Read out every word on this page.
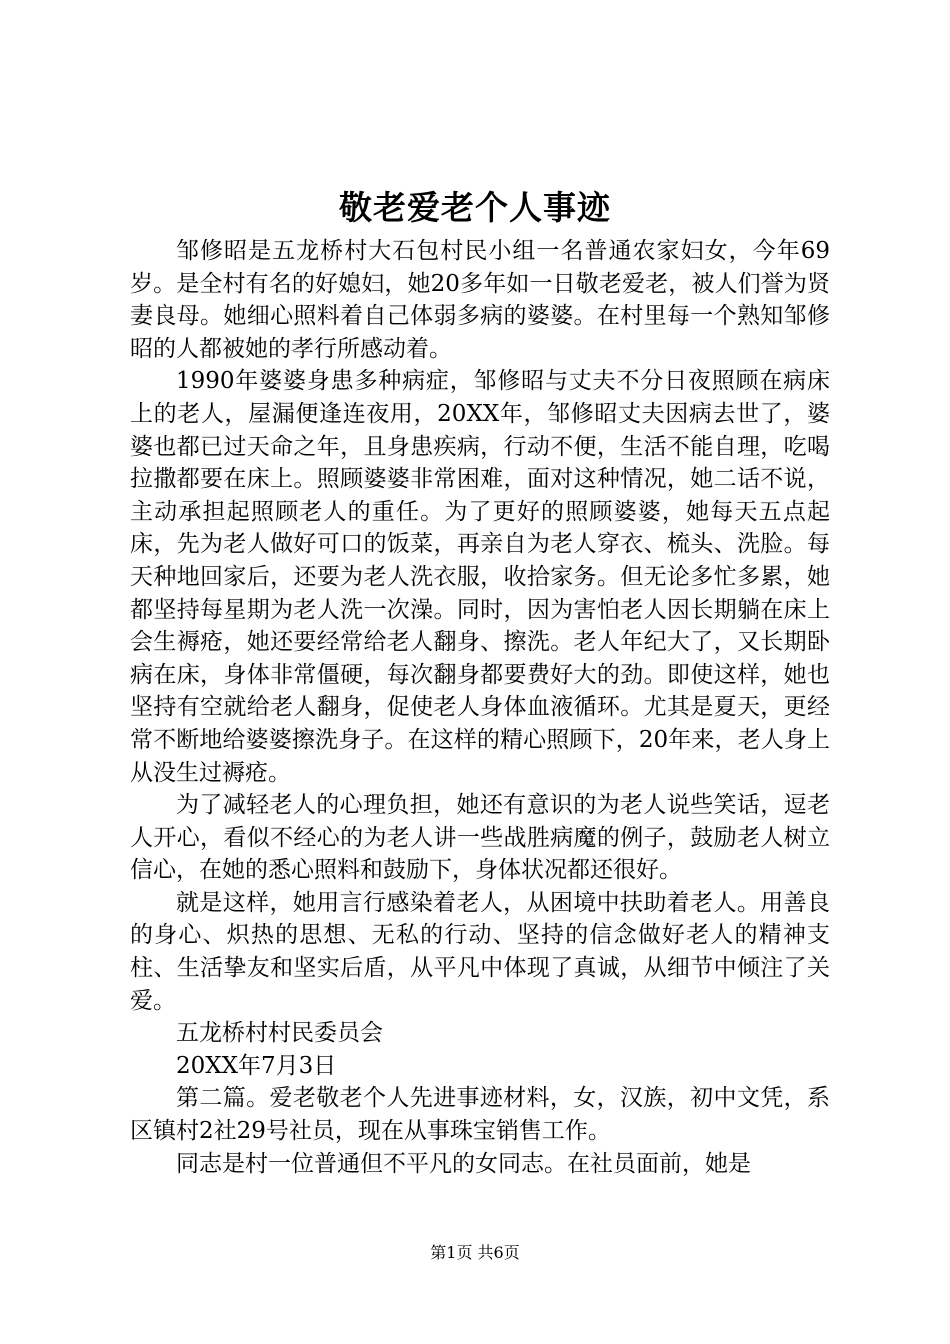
敬老爱老个人事迹

邹修昭是五龙桥村大石包村民小组一名普通农家妇女，今年69岁。是全村有名的好媳妇，她20多年如一日敬老爱老，被人们誉为贤妻良母。她细心照料着自己体弱多病的婆婆。在村里每一个熟知邹修昭的人都被她的孝行所感动着。

1990年婆婆身患多种病症，邹修昭与丈夫不分日夜照顾在病床上的老人，屋漏便逢连夜用，20XX年，邹修昭丈夫因病去世了，婆婆也都已过天命之年，且身患疾病，行动不便，生活不能自理，吃喝拉撒都要在床上。照顾婆婆非常困难，面对这种情况，她二话不说，主动承担起照顾老人的重任。为了更好的照顾婆婆，她每天五点起床，先为老人做好可口的饭菜，再亲自为老人穿衣、梳头、洗脸。每天种地回家后，还要为老人洗衣服，收拾家务。但无论多忙多累，她都坚持每星期为老人洗一次澡。同时，因为害怕老人因长期躺在床上会生褥疮，她还要经常给老人翻身、擦洗。老人年纪大了，又长期卧病在床，身体非常僵硬，每次翻身都要费好大的劲。即使这样，她也坚持有空就给老人翻身，促使老人身体血液循环。尤其是夏天，更经常不断地给婆婆擦洗身子。在这样的精心照顾下，20年来，老人身上从没生过褥疮。

为了减轻老人的心理负担，她还有意识的为老人说些笑话，逗老人开心，看似不经心的为老人讲一些战胜病魔的例子，鼓励老人树立信心，在她的悉心照料和鼓励下，身体状况都还很好。

就是这样，她用言行感染着老人，从困境中扶助着老人。用善良的身心、炽热的思想、无私的行动、坚持的信念做好老人的精神支柱、生活挚友和坚实后盾，从平凡中体现了真诚，从细节中倾注了关爱。

五龙桥村村民委员会

20XX年7月3日

第二篇。爱老敬老个人先进事迹材料，女，汉族，初中文凭，系区镇村2社29号社员，现在从事珠宝销售工作。

同志是村一位普通但不平凡的女同志。在社员面前，她是

第1页 共6页
